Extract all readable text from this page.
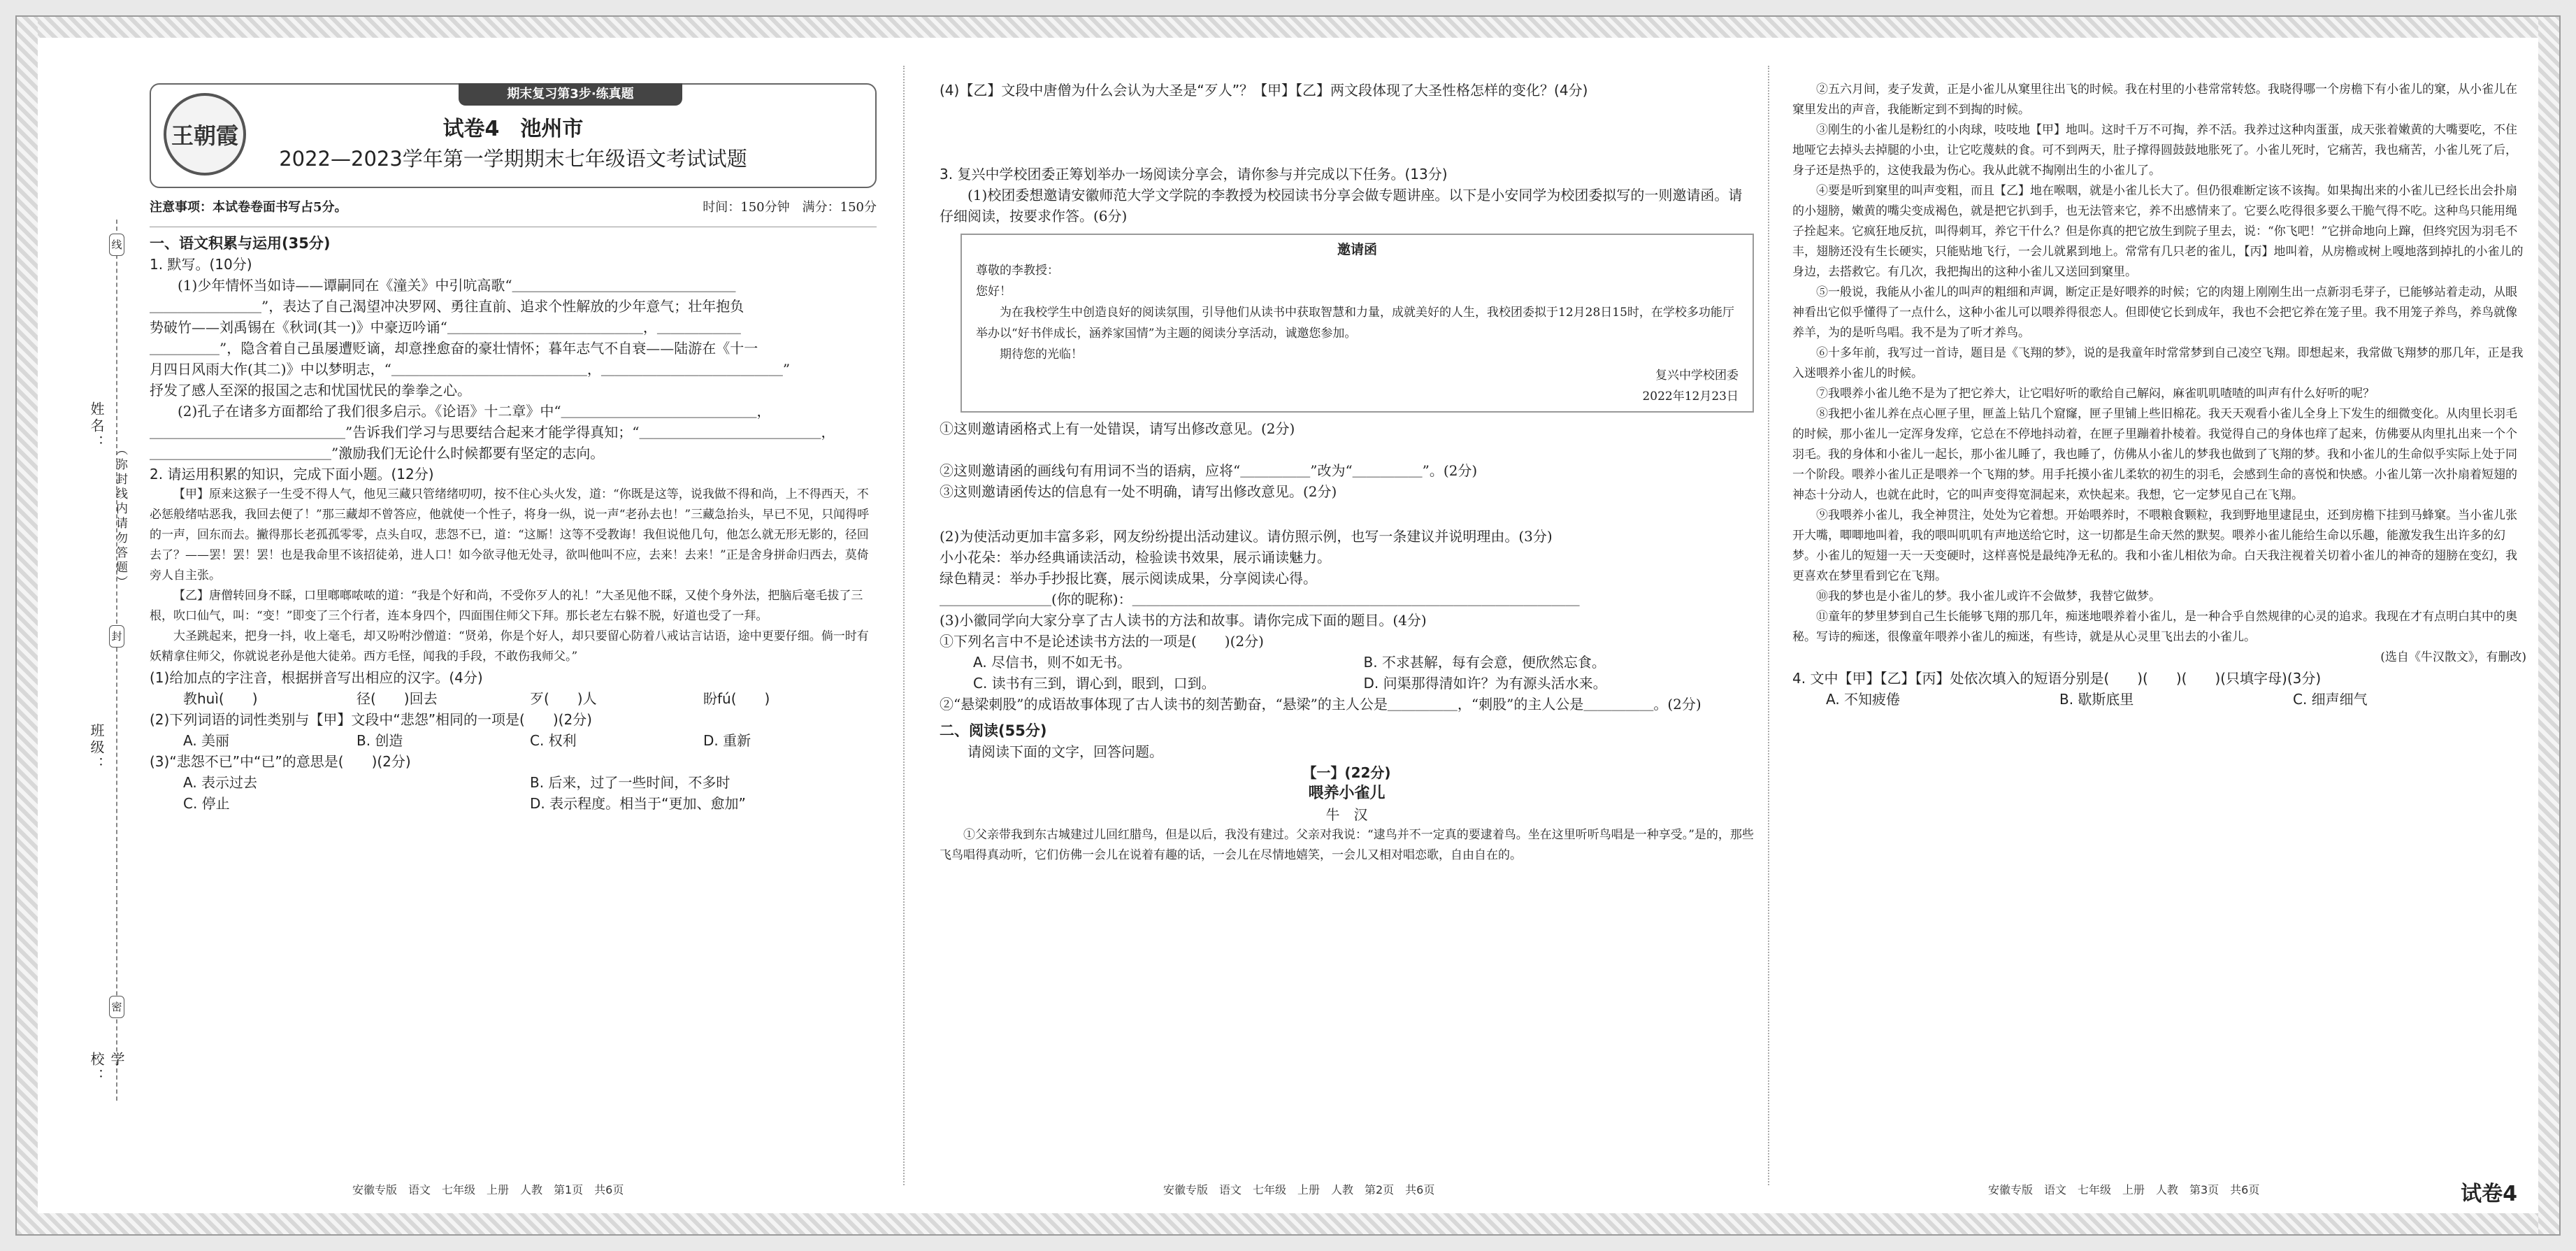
线
封
密
姓名：
（弥封线内请勿答题）
班级：
学校：
王朝霞
期末复习第3步·练真题
试卷4　池州市
2022—2023学年第一学期期末七年级语文考试试题
注意事项：本试卷卷面书写占5分。	时间：150分钟　满分：150分

一、语文积累与运用(35分)

1. 默写。(10分)

(1)少年情怀当如诗——谭嗣同在《潼关》中引吭高歌“＿＿＿＿＿＿＿＿＿＿＿＿＿＿＿＿

＿＿＿＿＿＿＿＿”，表达了自己渴望冲决罗网、勇往直前、追求个性解放的少年意气；壮年抱负

势破竹——刘禹锡在《秋词(其一)》中豪迈吟诵“＿＿＿＿＿＿＿＿＿＿＿＿＿＿，＿＿＿＿＿＿

＿＿＿＿＿”，隐含着自己虽屡遭贬谪，却意挫愈奋的豪壮情怀；暮年志气不自衰——陆游在《十一

月四日风雨大作(其二)》中以梦明志，“＿＿＿＿＿＿＿＿＿＿＿＿＿＿，＿＿＿＿＿＿＿＿＿＿＿＿＿”

抒发了感人至深的报国之志和忧国忧民的拳拳之心。

(2)孔子在诸多方面都给了我们很多启示。《论语》十二章》中“＿＿＿＿＿＿＿＿＿＿＿＿＿＿，

＿＿＿＿＿＿＿＿＿＿＿＿＿＿”告诉我们学习与思要结合起来才能学得真知；“＿＿＿＿＿＿＿＿＿＿＿＿＿，

＿＿＿＿＿＿＿＿＿＿＿＿＿”激励我们无论什么时候都要有坚定的志向。

2. 请运用积累的知识，完成下面小题。(12分)

【甲】原来这猴子一生受不得人气，他见三藏只管绪绪叨叨，按不住心头火发，道：“你既是这等，说我做不得和尚，上不得西天，不必惩般绪咕恶我，我回去便了！”那三藏却不曾答应，他就使一个性子，将身一纵，说一声“老孙去也！”三藏急抬头，早已不见，只闻得呼的一声，回东而去。撇得那长老孤孤零零，点头自叹，悲怨不已，道：“这厮！这等不受教诲！我但说他几句，他怎么就无形无影的，径回去了？——罢！罢！罢！也是我命里不该招徒弟，进人口！如今欲寻他无处寻，欲叫他叫不应，去来！去来！”正是舍身拼命归西去，莫倚旁人自主张。

【乙】唐僧转回身不睬，口里啷啷哝哝的道：“我是个好和尚，不受你歹人的礼！”大圣见他不睬，又使个身外法，把脑后毫毛拔了三根，吹口仙气，叫：“变！”即变了三个行者，连本身四个，四面围住师父下拜。那长老左右躲不脱，好道也受了一拜。

大圣跳起来，把身一抖，收上毫毛，却又吩咐沙僧道：“贤弟，你是个好人，却只要留心防着八戒诂言诂语，途中更要仔细。倘一时有妖精拿住师父，你就说老孙是他大徒弟。西方毛怪，闻我的手段，不敢伤我师父。”

(1)给加点的字注音，根据拼音写出相应的汉字。(4分)

教huì(　　)	径(　　)回去	歹(　　)人	盼fú(　　)

(2)下列词语的词性类别与【甲】文段中“悲怨”相同的一项是(　　)(2分)

A. 美丽	B. 创造	C. 权利	D. 重新

(3)“悲怨不已”中“已”的意思是(　　)(2分)

A. 表示过去	B. 后来，过了一些时间，不多时
C. 停止	D. 表示程度。相当于“更加、愈加”

(4)【乙】文段中唐僧为什么会认为大圣是“歹人”？【甲】【乙】两文段体现了大圣性格怎样的变化？(4分)

3. 复兴中学校团委正筹划举办一场阅读分享会，请你参与并完成以下任务。(13分)

(1)校团委想邀请安徽师范大学文学院的李教授为校园读书分享会做专题讲座。以下是小安同学为校团委拟写的一则邀请函。请仔细阅读，按要求作答。(6分)

邀请函

尊敬的李教授：

您好！

为在我校学生中创造良好的阅读氛围，引导他们从读书中获取智慧和力量，成就美好的人生，我校团委拟于12月28日15时，在学校多功能厅举办以“好书伴成长，涵养家国情”为主题的阅读分享活动，诚邀您参加。

期待您的光临！

复兴中学校团委

2022年12月23日

①这则邀请函格式上有一处错误，请写出修改意见。(2分)

②这则邀请函的画线句有用词不当的语病，应将“＿＿＿＿＿”改为“＿＿＿＿＿”。(2分)

③这则邀请函传达的信息有一处不明确，请写出修改意见。(2分)

(2)为使活动更加丰富多彩，网友纷纷提出活动建议。请仿照示例，也写一条建议并说明理由。(3分)

小小花朵：举办经典诵读活动，检验读书效果，展示诵读魅力。

绿色精灵：举办手抄报比赛，展示阅读成果，分享阅读心得。

＿＿＿＿＿＿＿＿(你的昵称)：＿＿＿＿＿＿＿＿＿＿＿＿＿＿＿＿＿＿＿＿＿＿＿＿＿＿＿＿＿＿＿＿

(3)小徽同学向大家分享了古人读书的方法和故事。请你完成下面的题目。(4分)

①下列名言中不是论述读书方法的一项是(　　)(2分)

A. 尽信书，则不如无书。	B. 不求甚解，每有会意，便欣然忘食。
C. 读书有三到，谓心到，眼到，口到。	D. 问渠那得清如许？为有源头活水来。

②“悬梁刺股”的成语故事体现了古人读书的刻苦勤奋，“悬梁”的主人公是＿＿＿＿＿，“刺股”的主人公是＿＿＿＿＿。(2分)

二、阅读(55分)

请阅读下面的文字，回答问题。

【一】(22分)

喂养小雀儿

牛　汉

①父亲带我到东古城建过儿回红腊鸟，但是以后，我没有建过。父亲对我说：“逮鸟并不一定真的要逮着鸟。坐在这里听听鸟唱是一种享受。”是的，那些飞鸟唱得真动听，它们仿佛一会儿在说着有趣的话，一会儿在尽情地嬉笑，一会儿又相对唱恋歌，自由自在的。

②五六月间，麦子发黄，正是小雀儿从窠里往出飞的时候。我在村里的小巷常常转悠。我晓得哪一个房檐下有小雀儿的窠，从小雀儿在窠里发出的声音，我能断定到不到掏的时候。

③刚生的小雀儿是粉红的小肉球，吱吱地【甲】地叫。这时千万不可掏，养不活。我养过这种肉蛋蛋，成天张着嫩黄的大嘴要吃，不住地哑它去掉头去掉腿的小虫，让它吃蔑麸的食。可不到两天，肚子撑得圆鼓鼓地胀死了。小雀儿死时，它痛苦，我也痛苦，小雀儿死了后，身子还是热乎的，这使我最为伤心。我从此就不掏刚出生的小雀儿了。

④要是听到窠里的叫声变粗，而且【乙】地在喉咽，就是小雀儿长大了。但仍很难断定该不该掏。如果掏出来的小雀儿已经长出会扑扇的小翅膀，嫩黄的嘴尖变成褐色，就是把它扒到手，也无法管来它，养不出感情来了。它要么吃得很多要么干脆气得不吃。这种鸟只能用绳子拴起来。它疯狂地反抗，叫得刺耳，养它干什么？但是你真的把它放生到院子里去，说：“你飞吧！”它拼命地向上蹿，但终究因为羽毛不丰，翅膀还没有生长硬实，只能贴地飞行，一会儿就累到地上。常常有几只老的雀儿，【丙】地叫着，从房檐或树上嘎地落到掉扎的小雀儿的身边，去搭救它。有几次，我把掏出的这种小雀儿又送回到窠里。

⑤一般说，我能从小雀儿的叫声的粗细和声调，断定正是好喂养的时候；它的肉翅上刚刚生出一点新羽毛芽子，已能够站着走动，从眼神看出它似乎懂得了一点什么，这种小雀儿可以喂养得很恋人。但即使它长到成年，我也不会把它养在笼子里。我不用笼子养鸟，养鸟就像养羊，为的是听鸟唱。我不是为了听才养鸟。

⑥十多年前，我写过一首诗，题目是《飞翔的梦》，说的是我童年时常常梦到自己凌空飞翔。即想起来，我常做飞翔梦的那几年，正是我入迷喂养小雀儿的时候。

⑦我喂养小雀儿绝不是为了把它养大，让它唱好听的歌给自己解闷，麻雀叽叽喳喳的叫声有什么好听的呢？

⑧我把小雀儿养在点心匣子里，匣盖上钻几个窟窿，匣子里铺上些旧棉花。我天天观看小雀儿全身上下发生的细微变化。从肉里长羽毛的时候，那小雀儿一定浑身发痒，它总在不停地抖动着，在匣子里蹦着扑棱着。我觉得自己的身体也痒了起来，仿佛要从肉里扎出来一个个羽毛。我的身体和小雀儿一起长，那小雀儿睡了，我也睡了，仿佛从小雀儿的梦我也做到了飞翔的梦。我和小雀儿的生命似乎实际上处于同一个阶段。喂养小雀儿正是喂养一个飞翔的梦。用手托摸小雀儿柔软的初生的羽毛，会感到生命的喜悦和快感。小雀儿第一次扑扇着短翅的神态十分动人，也就在此时，它的叫声变得宽洞起来，欢快起来。我想，它一定梦见自己在飞翔。

⑨我喂养小雀儿，我全神贯注，处处为它着想。开始喂养时，不喂粮食颗粒，我到野地里逮昆虫，还到房檐下挂到马蜂窠。当小雀儿张开大嘴，唧唧地叫着，我的喂叫叽叽有声地送给它时，这一切都是生命天然的默契。喂养小雀儿能给生命以乐趣，能激发我生出许多的幻梦。小雀儿的短翅一天一天变硬时，这样喜悦是最纯净无私的。我和小雀儿相依为命。白天我注视着关切着小雀儿的神奇的翅膀在变幻，我更喜欢在梦里看到它在飞翔。

⑩我的梦也是小雀儿的梦。我小雀儿或许不会做梦，我替它做梦。

⑪童年的梦里梦到自己生长能够飞翔的那几年，痴迷地喂养着小雀儿，是一种合乎自然规律的心灵的追求。我现在才有点明白其中的奥秘。写诗的痴迷，很像童年喂养小雀儿的痴迷，有些诗，就是从心灵里飞出去的小雀儿。

(选自《牛汉散文》，有删改)

4. 文中【甲】【乙】【丙】处依次填入的短语分别是(　　)(　　)(　　)(只填字母)(3分)

A. 不知疲倦	B. 歇斯底里	C. 细声细气
安徽专版　语文　七年级　上册　人教　第1页　共6页	安徽专版　语文　七年级　上册　人教　第2页　共6页	安徽专版　语文　七年级　上册　人教　第3页　共6页	试卷4
